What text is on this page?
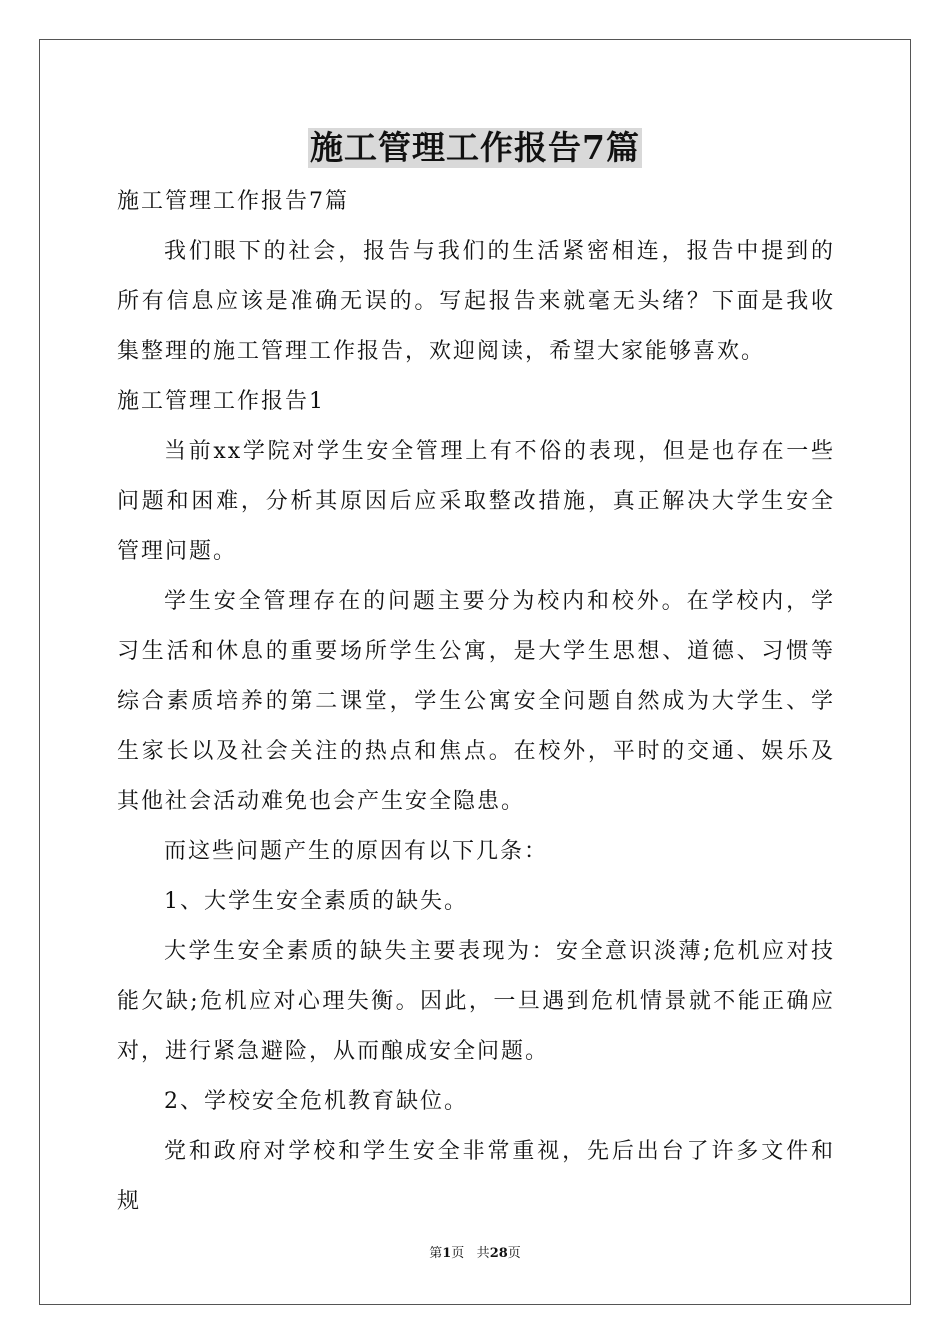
施工管理工作报告7篇

施工管理工作报告7篇

我们眼下的社会，报告与我们的生活紧密相连，报告中提到的所有信息应该是准确无误的。写起报告来就毫无头绪？下面是我收集整理的施工管理工作报告，欢迎阅读，希望大家能够喜欢。

施工管理工作报告1

当前xx学院对学生安全管理上有不俗的表现，但是也存在一些问题和困难，分析其原因后应采取整改措施，真正解决大学生安全管理问题。

学生安全管理存在的问题主要分为校内和校外。在学校内，学习生活和休息的重要场所学生公寓，是大学生思想、道德、习惯等综合素质培养的第二课堂，学生公寓安全问题自然成为大学生、学生家长以及社会关注的热点和焦点。在校外，平时的交通、娱乐及其他社会活动难免也会产生安全隐患。

而这些问题产生的原因有以下几条：

1、大学生安全素质的缺失。

大学生安全素质的缺失主要表现为：安全意识淡薄;危机应对技能欠缺;危机应对心理失衡。因此，一旦遇到危机情景就不能正确应对，进行紧急避险，从而酿成安全问题。

2、学校安全危机教育缺位。

党和政府对学校和学生安全非常重视，先后出台了许多文件和规

第1页 共28页
